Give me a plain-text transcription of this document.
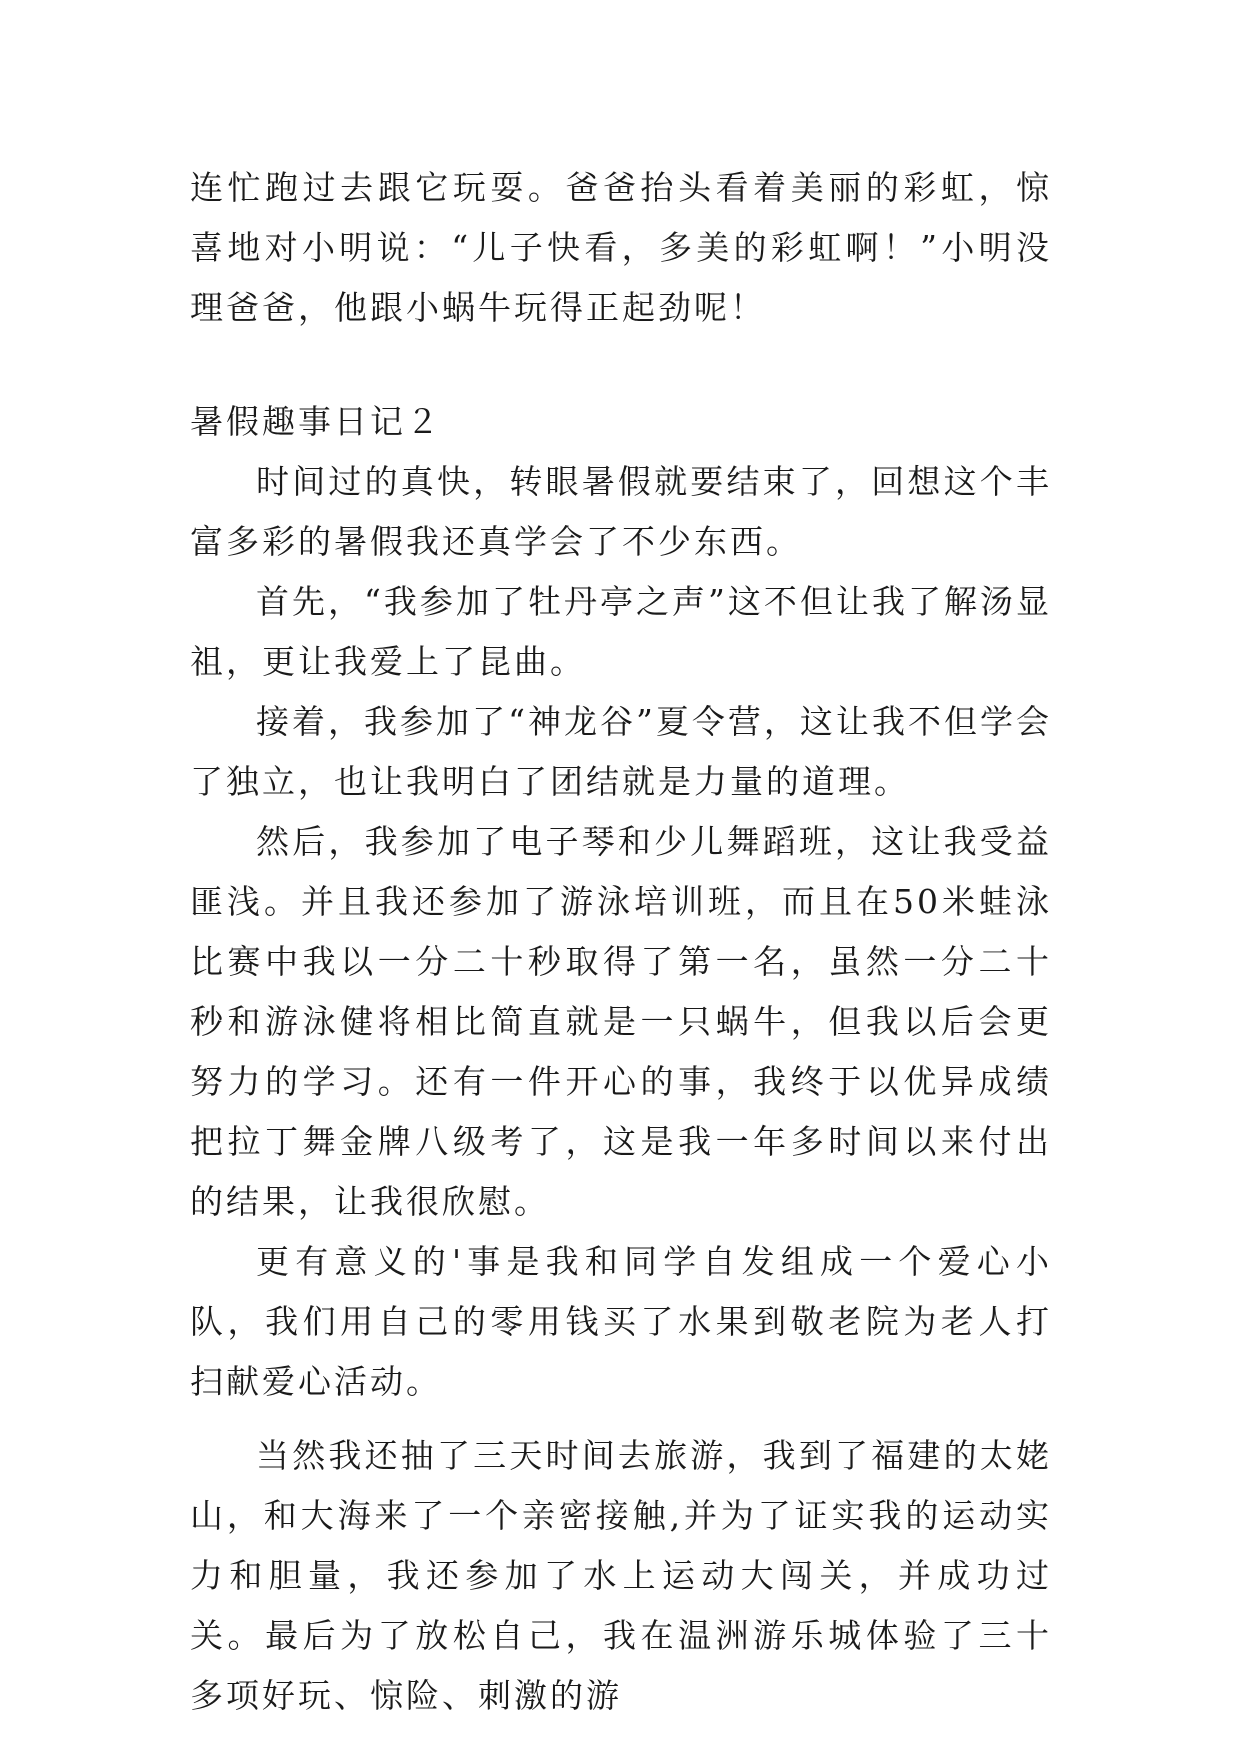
连忙跑过去跟它玩耍。爸爸抬头看着美丽的彩虹，惊喜地对小明说：“儿子快看，多美的彩虹啊！”小明没理爸爸，他跟小蜗牛玩得正起劲呢！

暑假趣事日记２

时间过的真快，转眼暑假就要结束了，回想这个丰富多彩的暑假我还真学会了不少东西。

首先，“我参加了牡丹亭之声”这不但让我了解汤显祖，更让我爱上了昆曲。

接着，我参加了“神龙谷”夏令营，这让我不但学会了独立，也让我明白了团结就是力量的道理。

然后，我参加了电子琴和少儿舞蹈班，这让我受益匪浅。并且我还参加了游泳培训班，而且在50米蛙泳比赛中我以一分二十秒取得了第一名，虽然一分二十秒和游泳健将相比简直就是一只蜗牛，但我以后会更努力的学习。还有一件开心的事，我终于以优异成绩把拉丁舞金牌八级考了，这是我一年多时间以来付出的结果，让我很欣慰。

更有意义的'事是我和同学自发组成一个爱心小队，我们用自己的零用钱买了水果到敬老院为老人打扫献爱心活动。

当然我还抽了三天时间去旅游，我到了福建的太姥山，和大海来了一个亲密接触,并为了证实我的运动实力和胆量，我还参加了水上运动大闯关，并成功过关。最后为了放松自己，我在温洲游乐城体验了三十多项好玩、惊险、刺激的游
